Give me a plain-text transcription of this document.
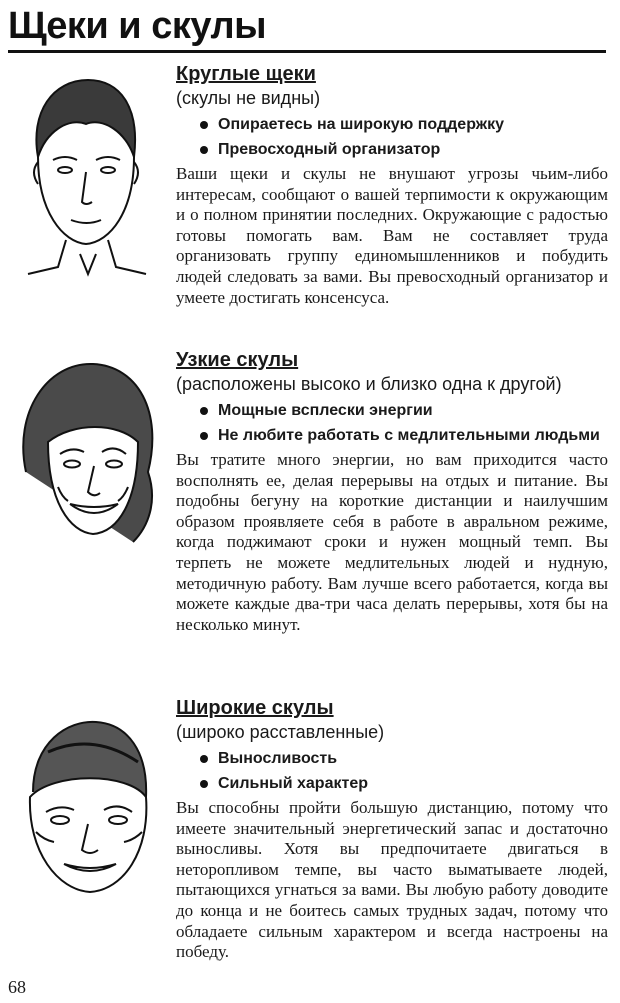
Щеки и скулы
Круглые щеки

(скулы не видны)

Опираетесь на широкую поддержку
Превосходный организатор

Ваши щеки и скулы не внушают угрозы чьим-либо интересам, сообщают о вашей терпимости к окружающим и о полном принятии последних. Окружающие с радостью готовы помогать вам. Вам не составляет труда организовать группу единомышленников и побудить людей следовать за вами. Вы превосходный организатор и умеете достигать консенсуса.

Узкие скулы

(расположены высоко и близко одна к другой)

Мощные всплески энергии
Не любите работать с медлительными людьми

Вы тратите много энергии, но вам приходится часто восполнять ее, делая перерывы на отдых и питание. Вы подобны бегуну на короткие дистанции и наилучшим образом проявляете себя в работе в авральном режиме, когда поджимают сроки и нужен мощный темп. Вы терпеть не можете медлительных людей и нудную, методичную работу. Вам лучше всего работается, когда вы можете каждые два-три часа делать перерывы, хотя бы на несколько минут.

Широкие скулы

(широко расставленные)

Выносливость
Сильный характер

Вы способны пройти большую дистанцию, потому что имеете значительный энергетический запас и достаточно выносливы. Хотя вы предпочитаете двигаться в неторопливом темпе, вы часто выматываете людей, пытающихся угнаться за вами. Вы любую работу доводите до конца и не боитесь самых трудных задач, потому что обладаете сильным характером и всегда настроены на победу.

68
